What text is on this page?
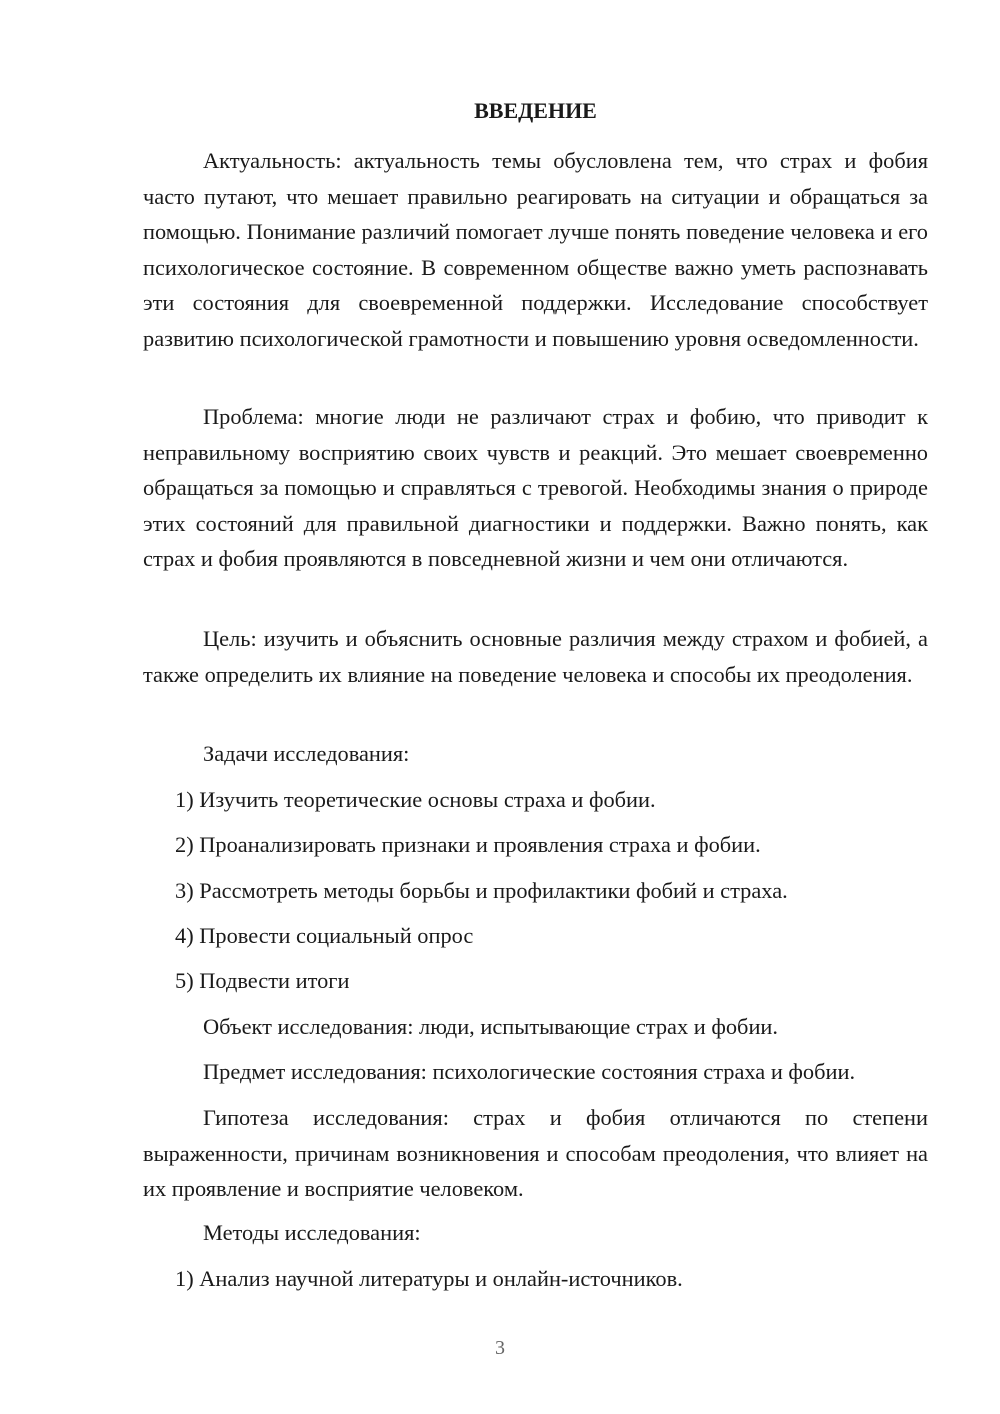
ВВЕДЕНИЕ

Актуальность: актуальность темы обусловлена тем, что страх и фобия часто путают, что мешает правильно реагировать на ситуации и обращаться за помощью. Понимание различий помогает лучше понять поведение человека и его психологическое состояние. В современном обществе важно уметь распознавать эти состояния для своевременной поддержки. Исследование способствует развитию психологической грамотности и повышению уровня осведомленности.

Проблема: многие люди не различают страх и фобию, что приводит к неправильному восприятию своих чувств и реакций. Это мешает своевременно обращаться за помощью и справляться с тревогой. Необходимы знания о природе этих состояний для правильной диагностики и поддержки. Важно понять, как страх и фобия проявляются в повседневной жизни и чем они отличаются.

Цель: изучить и объяснить основные различия между страхом и фобией, а также определить их влияние на поведение человека и способы их преодоления.

Задачи исследования:

1) Изучить теоретические основы страха и фобии.

2) Проанализировать признаки и проявления страха и фобии.

3) Рассмотреть методы борьбы и профилактики фобий и страха.

4) Провести социальный опрос

5) Подвести итоги

Объект исследования: люди, испытывающие страх и фобии.

Предмет исследования: психологические состояния страха и фобии.

Гипотеза исследования: страх и фобия отличаются по степени выраженности, причинам возникновения и способам преодоления, что влияет на их проявление и восприятие человеком.

Методы исследования:

1) Анализ научной литературы и онлайн-источников.

3
